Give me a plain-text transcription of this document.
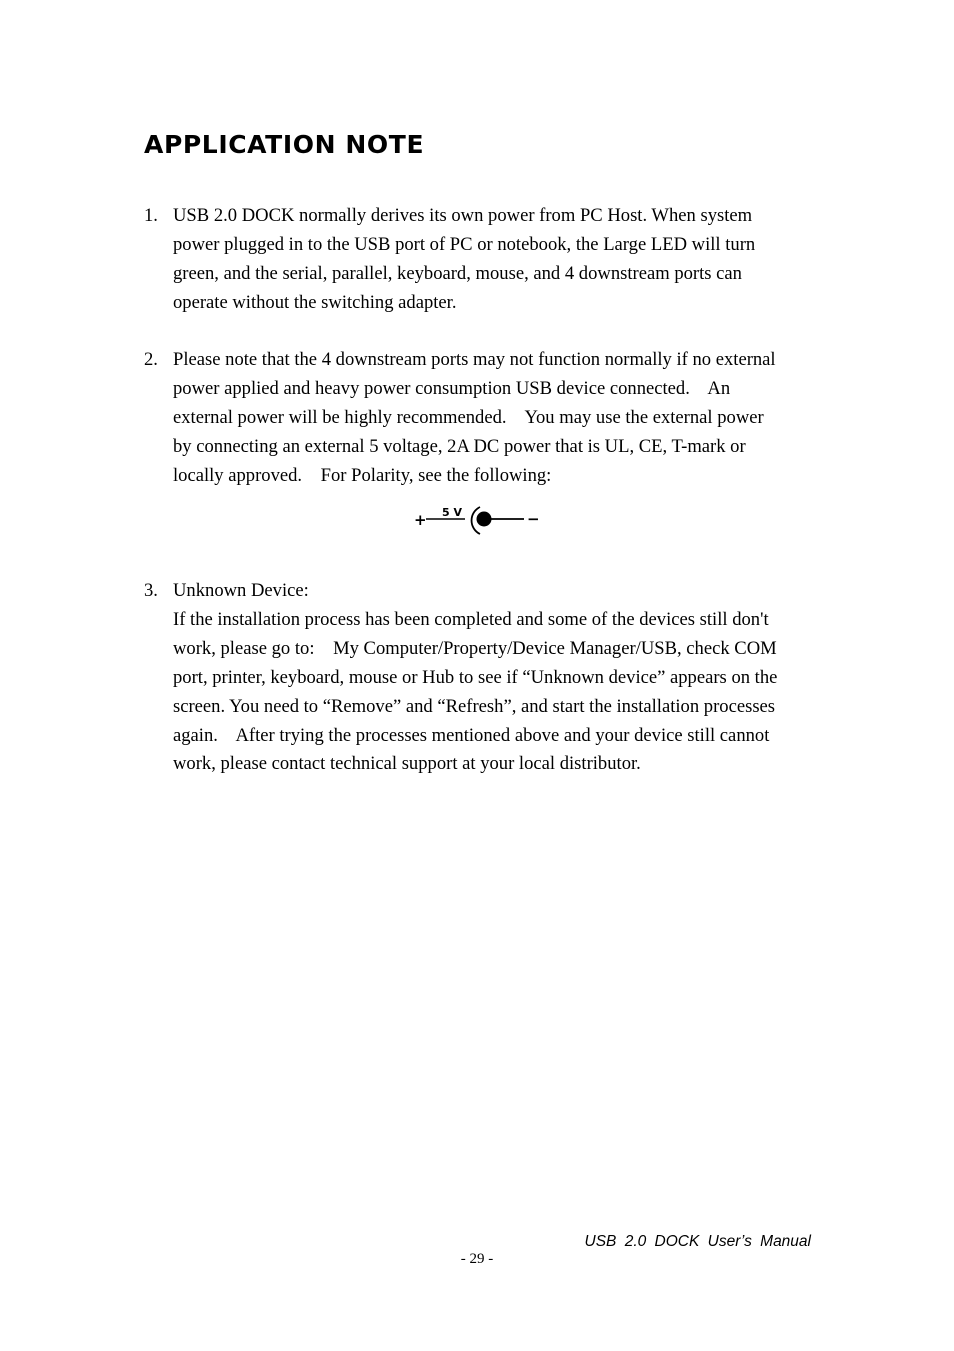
APPLICATION NOTE
1. USB 2.0 DOCK normally derives its own power from PC Host. When system
power plugged in to the USB port of PC or notebook, the Large LED will turn
green, and the serial, parallel, keyboard, mouse, and 4 downstream ports can
operate without the switching adapter.
2. Please note that the 4 downstream ports may not function normally if no external
power applied and heavy power consumption USB device connected.    An
external power will be highly recommended.    You may use the external power
by connecting an external 5 voltage, 2A DC power that is UL, CE, T-mark or
locally approved.    For Polarity, see the following:
+ 5 V	−
3. Unknown Device:
If the installation process has been completed and some of the devices still don't
work, please go to:    My Computer/Property/Device Manager/USB, check COM
port, printer, keyboard, mouse or Hub to see if “Unknown device” appears on the
screen. You need to “Remove” and “Refresh”, and start the installation processes
again.    After trying the processes mentioned above and your device still cannot
work, please contact technical support at your local distributor.
USB 2.0 DOCK User’s Manual
- 29 -
